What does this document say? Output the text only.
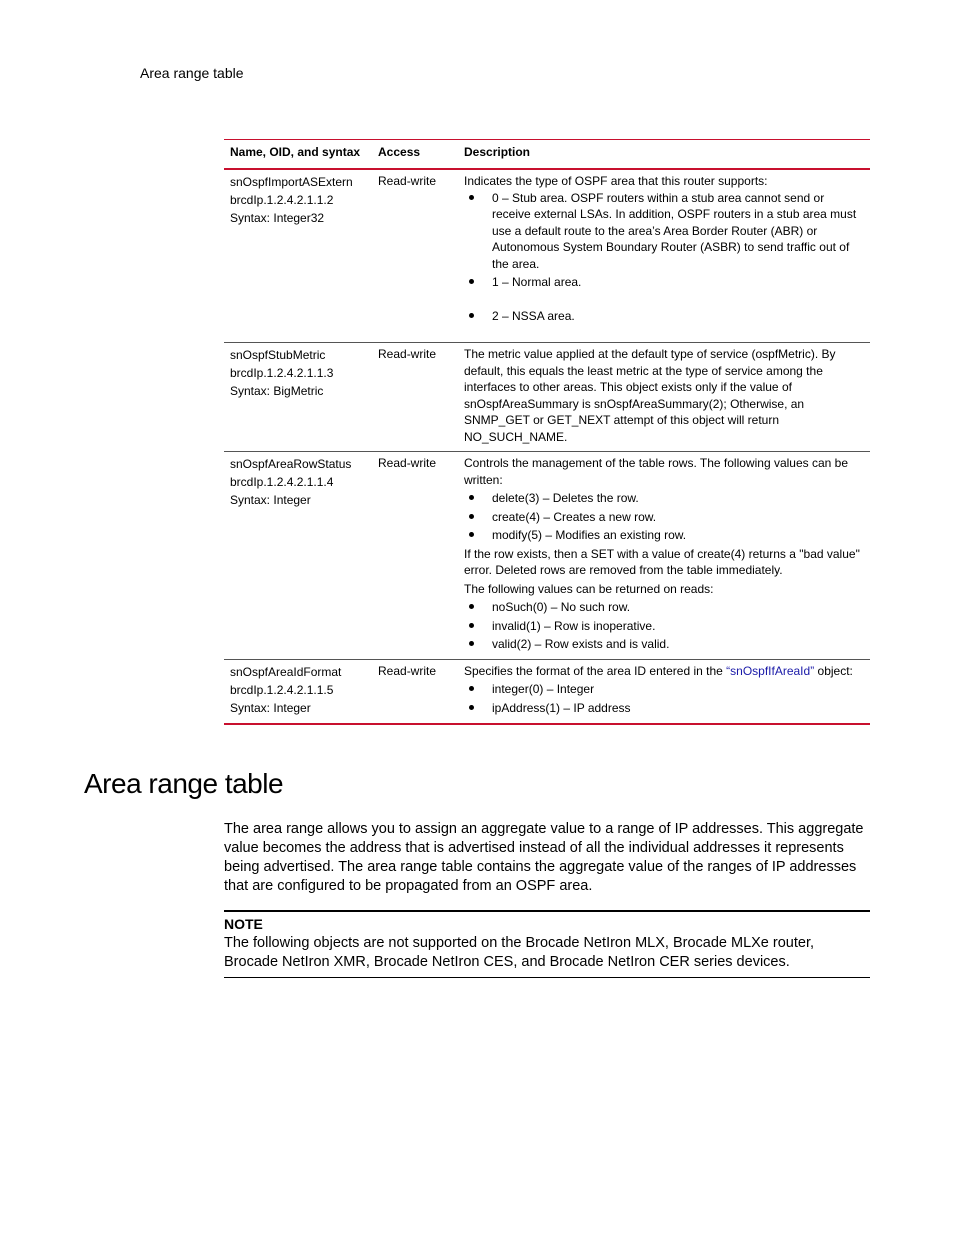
Area range table
Name, OID, and syntax	Access	Description
snOspfImportASExtern
brcdIp.1.2.4.2.1.1.2
Syntax: Integer32
Read-write	Indicates the type of OSPF area that this router supports:

0 – Stub area. OSPF routers within a stub area cannot send or receive external LSAs. In addition, OSPF routers in a stub area must use a default route to the area’s Area Border Router (ABR) or Autonomous System Boundary Router (ASBR) to send traffic out of the area.
1 – Normal area.
2 – NSSA area.
snOspfStubMetric
brcdIp.1.2.4.2.1.1.3
Syntax: BigMetric
Read-write	The metric value applied at the default type of service (ospfMetric). By default, this equals the least metric at the type of service among the interfaces to other areas. This object exists only if the value of snOspfAreaSummary is snOspfAreaSummary(2); Otherwise, an SNMP_GET or GET_NEXT attempt of this object will return NO_SUCH_NAME.

snOspfAreaRowStatus
brcdIp.1.2.4.2.1.1.4
Syntax: Integer
Read-write	Controls the management of the table rows. The following values can be written:

delete(3) – Deletes the row.
create(4) – Creates a new row.
modify(5) – Modifies an existing row.

If the row exists, then a SET with a value of create(4) returns a "bad value" error. Deleted rows are removed from the table immediately.

The following values can be returned on reads:

noSuch(0) – No such row.
invalid(1) – Row is inoperative.
valid(2) – Row exists and is valid.
snOspfAreaIdFormat
brcdIp.1.2.4.2.1.1.5
Syntax: Integer
Read-write	Specifies the format of the area ID entered in the “snOspfIfAreaId” object:

integer(0) – Integer
ipAddress(1) – IP address
Area range table

The area range allows you to assign an aggregate value to a range of IP addresses. This aggregate value becomes the address that is advertised instead of all the individual addresses it represents being advertised. The area range table contains the aggregate value of the ranges of IP addresses that are configured to be propagated from an OSPF area.

NOTE
The following objects are not supported on the Brocade NetIron MLX, Brocade MLXe router, Brocade NetIron XMR, Brocade NetIron CES, and Brocade NetIron CER series devices.
